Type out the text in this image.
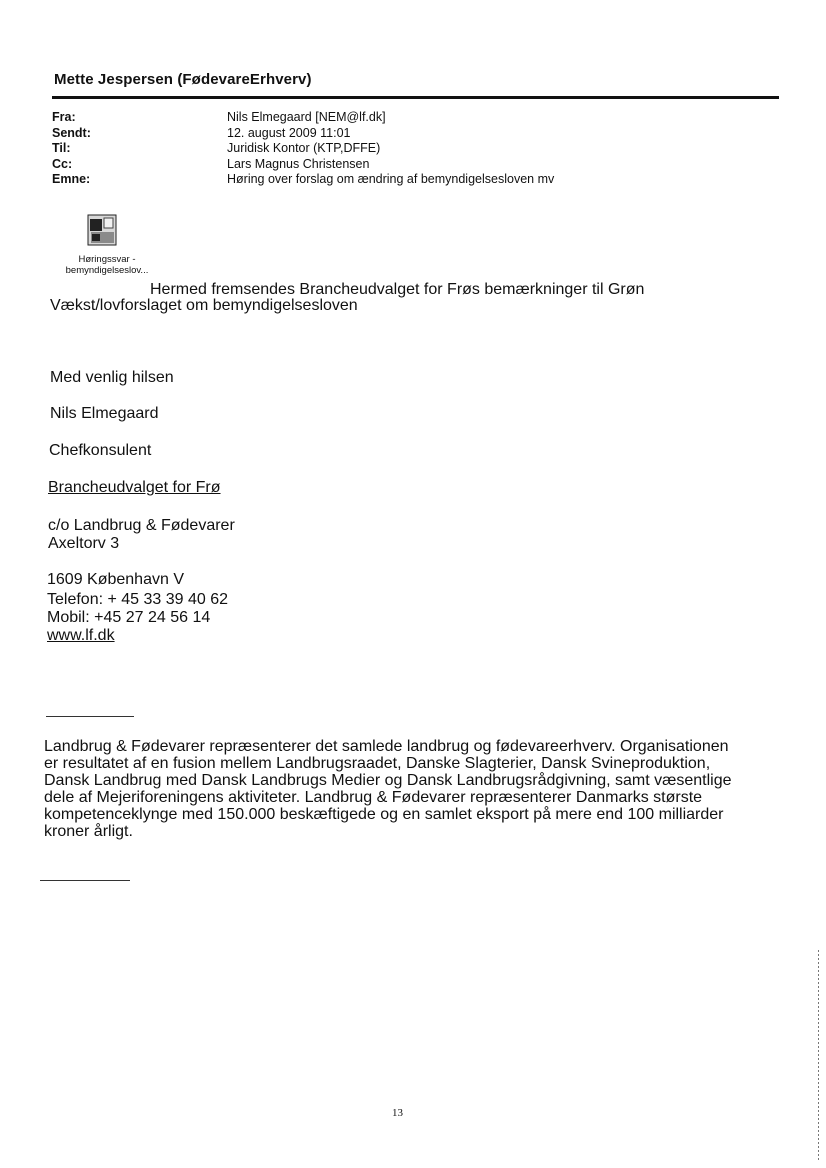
Mette Jespersen (FødevareErhverv)
Fra:	Nils Elmegaard [NEM@lf.dk]
Sendt:	12. august 2009 11:01
Til:	Juridisk Kontor (KTP,DFFE)
Cc:	Lars Magnus Christensen
Emne:	Høring over forslag om ændring af bemyndigelsesloven mv
Høringssvar -
bemyndigelseslov...
Hermed fremsendes Brancheudvalget for Frøs bemærkninger til Grøn
Vækst/lovforslaget om bemyndigelsesloven
Med venlig hilsen
Nils Elmegaard
Chefkonsulent
Brancheudvalget for Frø
c/o Landbrug & Fødevarer
Axeltorv 3
1609 København V
Telefon: + 45 33 39 40 62
Mobil: +45 27 24 56 14
www.lf.dk
Landbrug & Fødevarer repræsenterer det samlede landbrug og fødevareerhverv. Organisationen
er resultatet af en fusion mellem Landbrugsraadet, Danske Slagterier, Dansk Svineproduktion,
Dansk Landbrug med Dansk Landbrugs Medier og Dansk Landbrugsrådgivning, samt væsentlige
dele af Mejeriforeningens aktiviteter. Landbrug & Fødevarer repræsenterer Danmarks største
kompetenceklynge med 150.000 beskæftigede og en samlet eksport på mere end 100 milliarder
kroner årligt.
13
